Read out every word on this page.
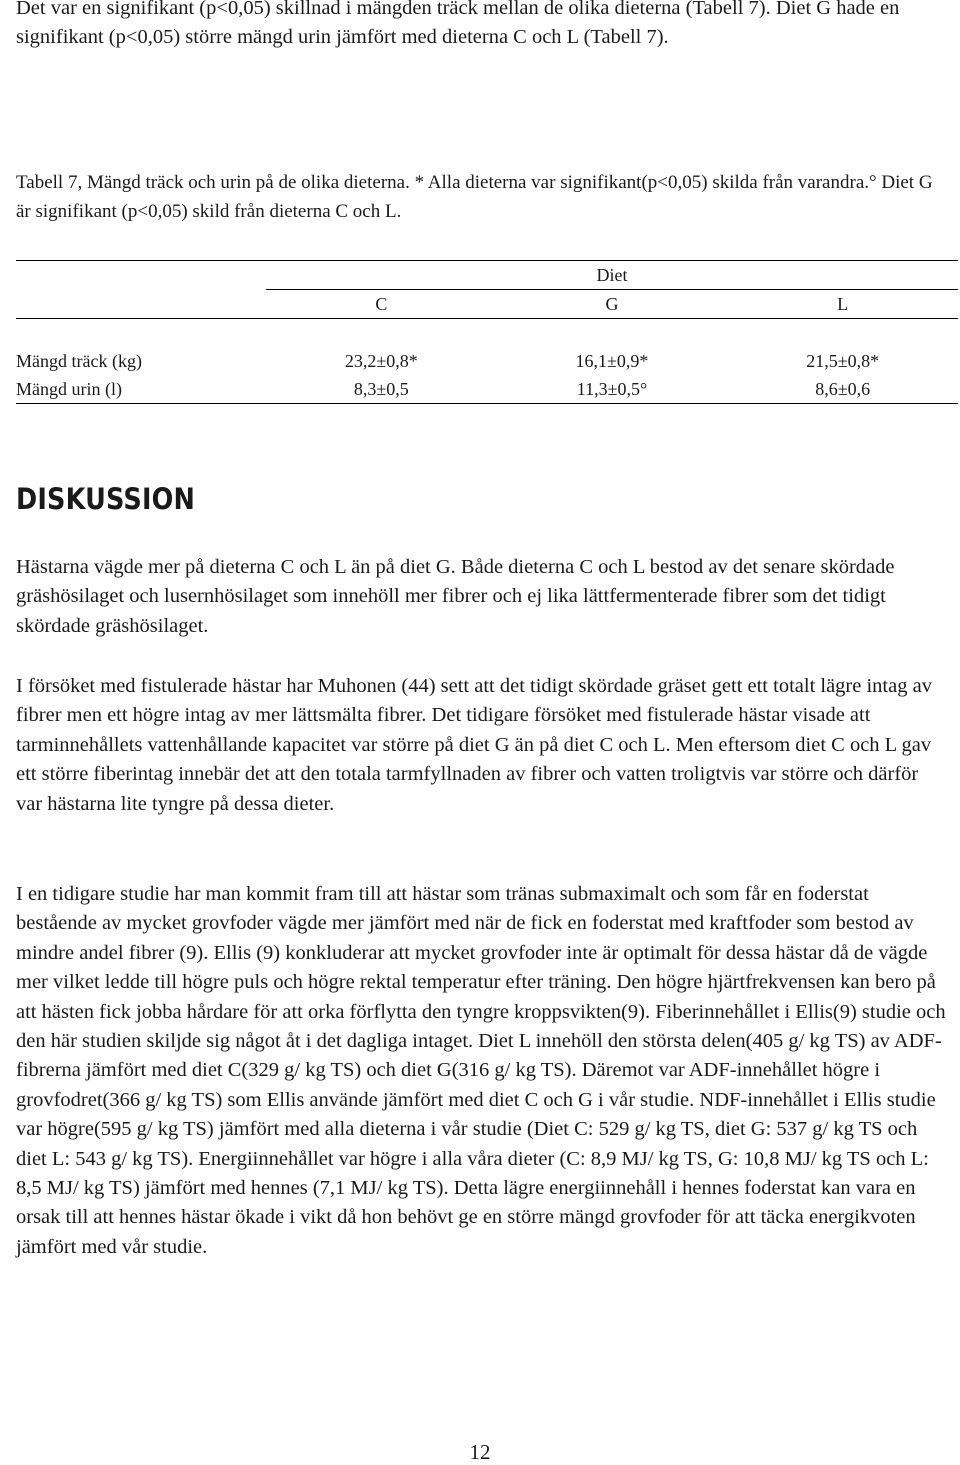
Det var en signifikant (p<0,05) skillnad i mängden träck mellan de olika dieterna (Tabell 7). Diet G hade en signifikant (p<0,05) större mängd urin jämfört med dieterna C och L (Tabell 7).

Tabell 7, Mängd träck och urin på de olika dieterna. * Alla dieterna var signifikant(p<0,05) skilda från varandra.° Diet G är signifikant (p<0,05) skild från dieterna C och L.

	Diet		
	C	G	L

Mängd träck (kg)	23,2±0,8*	16,1±0,9*	21,5±0,8*
Mängd urin (l)	8,3±0,5	11,3±0,5°	8,6±0,6
DISKUSSION

Hästarna vägde mer på dieterna C och L än på diet G. Både dieterna C och L bestod av det senare skördade gräshösilaget och lusernhösilaget som innehöll mer fibrer och ej lika lättfermenterade fibrer som det tidigt skördade gräshösilaget.

I försöket med fistulerade hästar har Muhonen (44) sett att det tidigt skördade gräset gett ett totalt lägre intag av fibrer men ett högre intag av mer lättsmälta fibrer. Det tidigare försöket med fistulerade hästar visade att tarminnehållets vattenhållande kapacitet var större på diet G än på diet C och L. Men eftersom diet C och L gav ett större fiberintag innebär det att den totala tarmfyllnaden av fibrer och vatten troligtvis var större och därför var hästarna lite tyngre på dessa dieter.

I en tidigare studie har man kommit fram till att hästar som tränas submaximalt och som får en foderstat bestående av mycket grovfoder vägde mer jämfört med när de fick en foderstat med kraftfoder som bestod av mindre andel fibrer (9). Ellis (9) konkluderar att mycket grovfoder inte är optimalt för dessa hästar då de vägde mer vilket ledde till högre puls och högre rektal temperatur efter träning. Den högre hjärtfrekvensen kan bero på att hästen fick jobba hårdare för att orka förflytta den tyngre kroppsvikten(9). Fiberinnehållet i Ellis(9) studie och den här studien skiljde sig något åt i det dagliga intaget. Diet L innehöll den största delen(405 g/ kg TS) av ADF-fibrerna jämfört med diet C(329 g/ kg TS) och diet G(316 g/ kg TS). Däremot var ADF-innehållet högre i grovfodret(366 g/ kg TS) som Ellis använde jämfört med diet C och G i vår studie. NDF-innehållet i Ellis studie var högre(595 g/ kg TS) jämfört med alla dieterna i vår studie (Diet C: 529 g/ kg TS, diet G: 537 g/ kg TS och diet L: 543 g/ kg TS). Energiinnehållet var högre i alla våra dieter (C: 8,9 MJ/ kg TS, G: 10,8 MJ/ kg TS och L: 8,5 MJ/ kg TS) jämfört med hennes (7,1 MJ/ kg TS). Detta lägre energiinnehåll i hennes foderstat kan vara en orsak till att hennes hästar ökade i vikt då hon behövt ge en större mängd grovfoder för att täcka energikvoten jämfört med vår studie.

12
